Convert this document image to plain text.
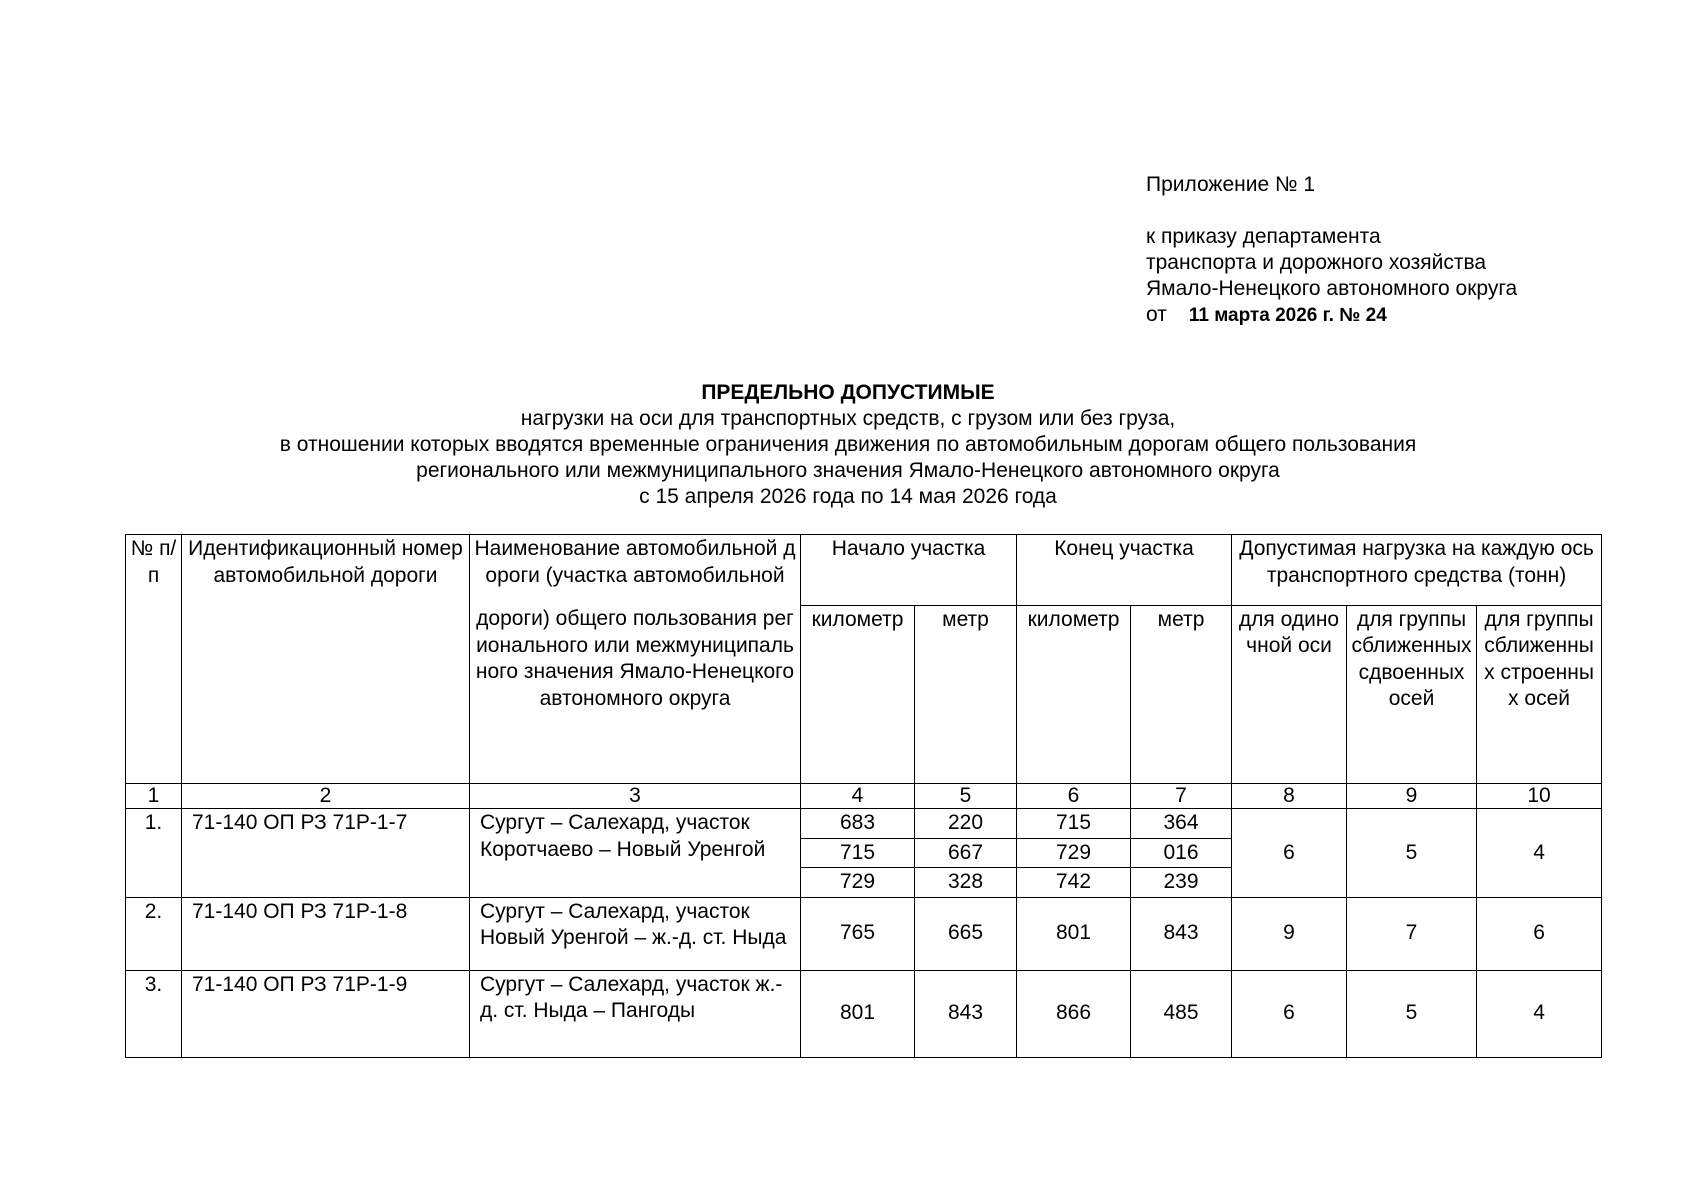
Приложение № 1
к приказу департамента
транспорта и дорожного хозяйства
Ямало-Ненецкого автономного округа
от 11 марта 2026 г. № 24
ПРЕДЕЛЬНО ДОПУСТИМЫЕ
нагрузки на оси для транспортных средств, с грузом или без груза,
в отношении которых вводятся временные ограничения движения по автомобильным дорогам общего пользования
регионального или межмуниципального значения Ямало-Ненецкого автономного округа
с 15 апреля 2026 года по 14 мая 2026 года
№ п/п	Идентификационный номер автомобильной дороги	Наименование автомобильной дороги (участка автомобильной	Начало участка		Конец участка		Допустимая нагрузка на каждую ось транспортного средства (тонн)		
		дороги) общего пользования регионального или межмуниципального значения Ямало-Ненецкого автономного округа	километр	метр	километр	метр	для одиночной оси	для группы сближенных сдвоенных осей	для группы сближенных строенных осей
1	2	3	4	5	6	7	8	9	10
1.	71-140 ОП РЗ 71Р-1-7	Сургут – Салехард, участок Коротчаево – Новый Уренгой	683	220	715	364	6	5	4
			715	667	729	016			
			729	328	742	239			
2.	71-140 ОП РЗ 71Р-1-8	Сургут – Салехард, участок Новый Уренгой – ж.-д. ст. Ныда	765	665	801	843	9	7	6
3.	71-140 ОП РЗ 71Р-1-9	Сургут – Салехард, участок ж.-д. ст. Ныда – Пангоды	801	843	866	485	6	5	4
